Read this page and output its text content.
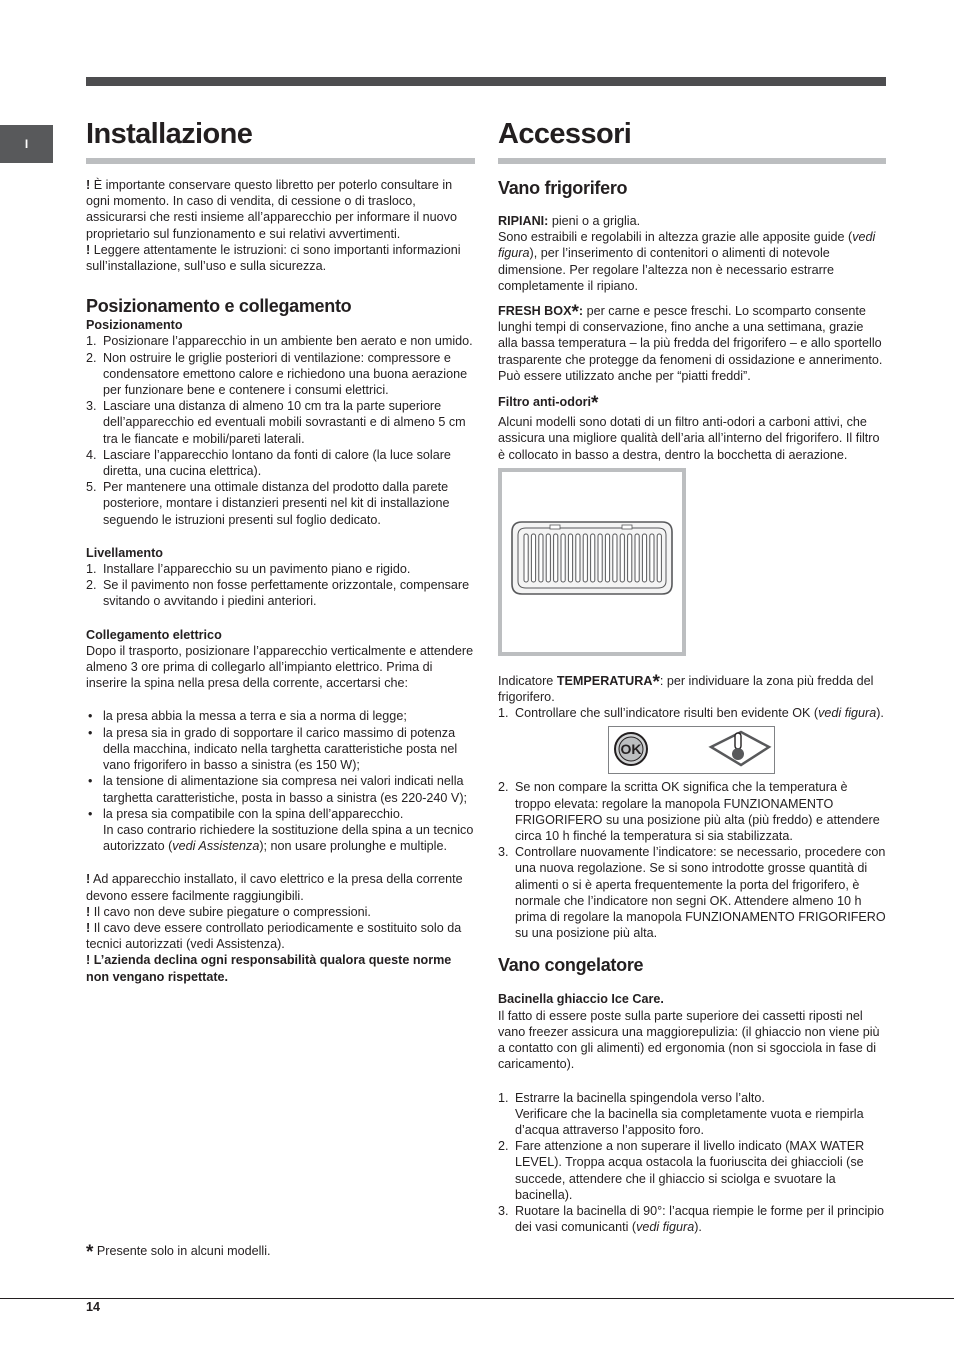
I	Installazione

! È importante conservare questo libretto per poterlo consultare in ogni momento. In caso di vendita, di cessione o di trasloco, assicurarsi che resti insieme all’apparecchio per informare il nuovo proprietario sul funzionamento e sui relativi avvertimenti.

! Leggere attentamente le istruzioni: ci sono importanti informazioni sull’installazione, sull’uso e sulla sicurezza.

Posizionamento e collegamento

Posizionamento

1. Posizionare l’apparecchio in un ambiente ben aerato e non umido.
2. Non ostruire le griglie posteriori di ventilazione: compressore e condensatore emettono calore e richiedono una buona aerazione per funzionare bene e contenere i consumi elettrici.
3. Lasciare una distanza di almeno 10 cm tra la parte superiore dell’apparecchio ed eventuali mobili sovrastanti e di almeno 5 cm tra le fiancate e mobili/pareti laterali.
4. Lasciare l’apparecchio lontano da fonti di calore (la luce solare diretta, una cucina elettrica).
5. Per mantenere una ottimale distanza del prodotto dalla parete posteriore, montare i distanzieri presenti nel kit di installazione seguendo le istruzioni presenti sul foglio dedicato.

Livellamento

1. Installare l’apparecchio su un pavimento piano e rigido.
2. Se il pavimento non fosse perfettamente orizzontale, compensare svitando o avvitando i piedini anteriori.

Collegamento elettrico

Dopo il trasporto, posizionare l’apparecchio verticalmente e attendere almeno 3 ore prima di collegarlo all’impianto elettrico. Prima di inserire la spina nella presa della corrente, accertarsi che:

• la presa abbia la messa a terra e sia a norma di legge;
• la presa sia in grado di sopportare il carico massimo di potenza della macchina, indicato nella targhetta caratteristiche posta nel vano frigorifero in basso a sinistra (es 150 W);
• la tensione di alimentazione sia compresa nei valori indicati nella targhetta caratteristiche, posta in basso a sinistra (es 220-240 V);
• la presa sia compatibile con la spina dell’apparecchio.
In caso contrario richiedere la sostituzione della spina a un tecnico autorizzato (vedi Assistenza); non usare prolunghe e multiple.

! Ad apparecchio installato, il cavo elettrico e la presa della corrente devono essere facilmente raggiungibili.

! Il cavo non deve subire piegature o compressioni.

! Il cavo deve essere controllato periodicamente e sostituito solo da tecnici autorizzati (vedi Assistenza).

! L’azienda declina ogni responsabilità qualora queste norme non vengano rispettate.

* Presente solo in alcuni modelli.
Accessori
Vano frigorifero

RIPIANI: pieni o a griglia.

Sono estraibili e regolabili in altezza grazie alle apposite guide (vedi figura), per l’inserimento di contenitori o alimenti di notevole dimensione. Per regolare l’altezza non è necessario estrarre completamente il ripiano.

FRESH BOX*: per carne e pesce freschi. Lo scomparto consente lunghi tempi di conservazione, fino anche a una settimana, grazie alla bassa temperatura – la più fredda del frigorifero – e allo sportello trasparente che protegge da fenomeni di ossidazione e annerimento. Può essere utilizzato anche per “piatti freddi”.

Filtro anti-odori*

Alcuni modelli sono dotati di un filtro anti-odori a carboni attivi, che assicura una migliore qualità dell’aria all’interno del frigorifero. Il filtro è collocato in basso a destra, dentro la bocchetta di aerazione.

Indicatore TEMPERATURA*: per individuare la zona più fredda del frigorifero.

1. Controllare che sull’indicatore risulti ben evidente OK (vedi figura).
OK
2. Se non compare la scritta OK significa che la temperatura è troppo elevata: regolare la manopola FUNZIONAMENTO FRIGORIFERO su una posizione più alta (più freddo) e attendere circa 10 h finché la temperatura si sia stabilizzata.
3. Controllare nuovamente l’indicatore: se necessario, procedere con una nuova regolazione. Se si sono introdotte grosse quantità di alimenti o si è aperta frequentemente la porta del frigorifero, è normale che l’indicatore non segni OK. Attendere almeno 10 h prima di regolare la manopola FUNZIONAMENTO FRIGORIFERO su una posizione più alta.
Vano congelatore

Bacinella ghiaccio Ice Care.

Il fatto di essere poste sulla parte superiore dei cassetti riposti nel vano freezer assicura una maggiorepulizia: (il ghiaccio non viene più a contatto con gli alimenti) ed ergonomia (non si sgocciola in fase di caricamento).

1. Estrarre la bacinella spingendola verso l’alto.
Verificare che la bacinella sia completamente vuota e riempirla d’acqua attraverso l’apposito foro.
2. Fare attenzione a non superare il livello indicato (MAX WATER LEVEL). Troppa acqua ostacola la fuoriuscita dei ghiaccioli (se succede, attendere che il ghiaccio si sciolga e svuotare la bacinella).
3. Ruotare la bacinella di 90°: l’acqua riempie le forme per il principio dei vasi comunicanti (vedi figura).
14
